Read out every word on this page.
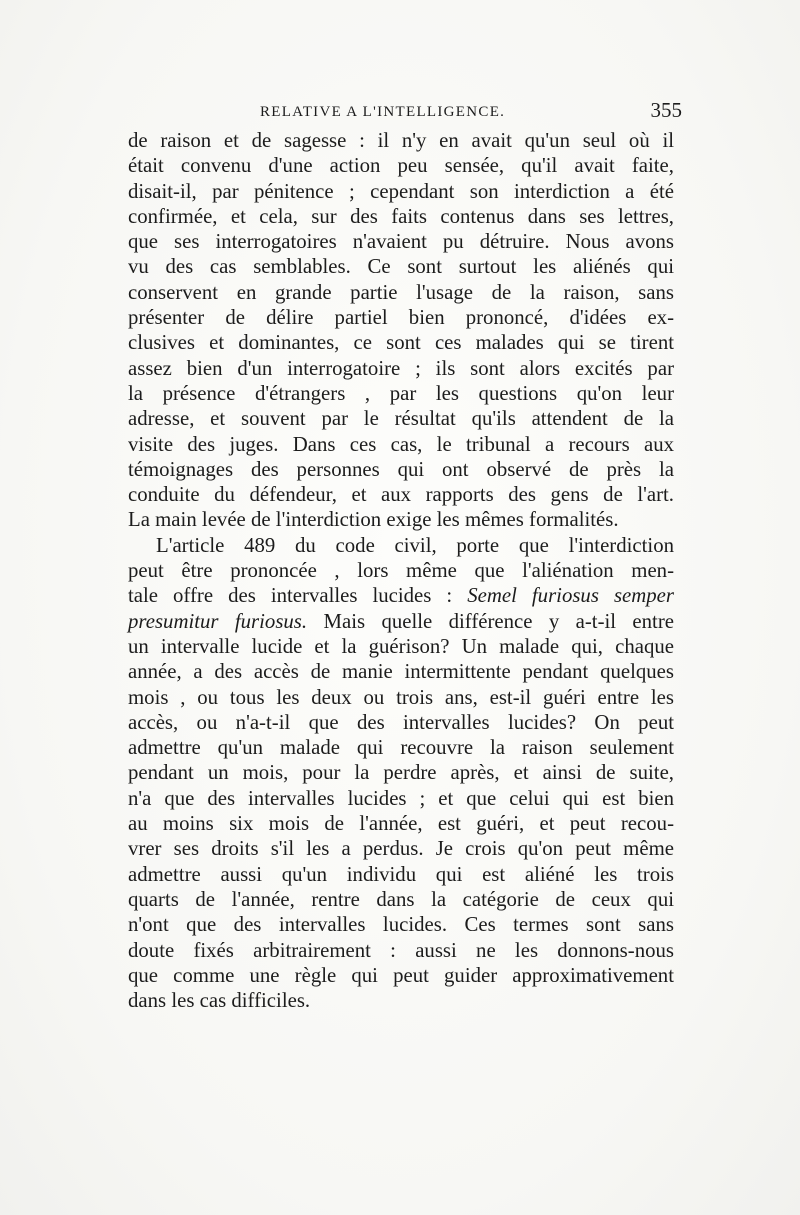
RELATIVE A L'INTELLIGENCE.	355
de raison et de sagesse : il n'y en avait qu'un seul où il
était convenu d'une action peu sensée, qu'il avait faite,
disait-il, par pénitence ; cependant son interdiction a été
confirmée, et cela, sur des faits contenus dans ses lettres,
que ses interrogatoires n'avaient pu détruire. Nous avons
vu des cas semblables. Ce sont surtout les aliénés qui
conservent en grande partie l'usage de la raison, sans
présenter de délire partiel bien prononcé, d'idées ex-
clusives et dominantes, ce sont ces malades qui se tirent
assez bien d'un interrogatoire ; ils sont alors excités par
la présence d'étrangers , par les questions qu'on leur
adresse, et souvent par le résultat qu'ils attendent de la
visite des juges. Dans ces cas, le tribunal a recours aux
témoignages des personnes qui ont observé de près la
conduite du défendeur, et aux rapports des gens de l'art.
La main levée de l'interdiction exige les mêmes formalités.
L'article 489 du code civil, porte que l'interdiction
peut être prononcée , lors même que l'aliénation men-
tale offre des intervalles lucides : Semel furiosus semper
presumitur furiosus. Mais quelle différence y a-t-il entre
un intervalle lucide et la guérison? Un malade qui, chaque
année, a des accès de manie intermittente pendant quelques
mois , ou tous les deux ou trois ans, est-il guéri entre les
accès, ou n'a-t-il que des intervalles lucides? On peut
admettre qu'un malade qui recouvre la raison seulement
pendant un mois, pour la perdre après, et ainsi de suite,
n'a que des intervalles lucides ; et que celui qui est bien
au moins six mois de l'année, est guéri, et peut recou-
vrer ses droits s'il les a perdus. Je crois qu'on peut même
admettre aussi qu'un individu qui est aliéné les trois
quarts de l'année, rentre dans la catégorie de ceux qui
n'ont que des intervalles lucides. Ces termes sont sans
doute fixés arbitrairement : aussi ne les donnons-nous
que comme une règle qui peut guider approximativement
dans les cas difficiles.
